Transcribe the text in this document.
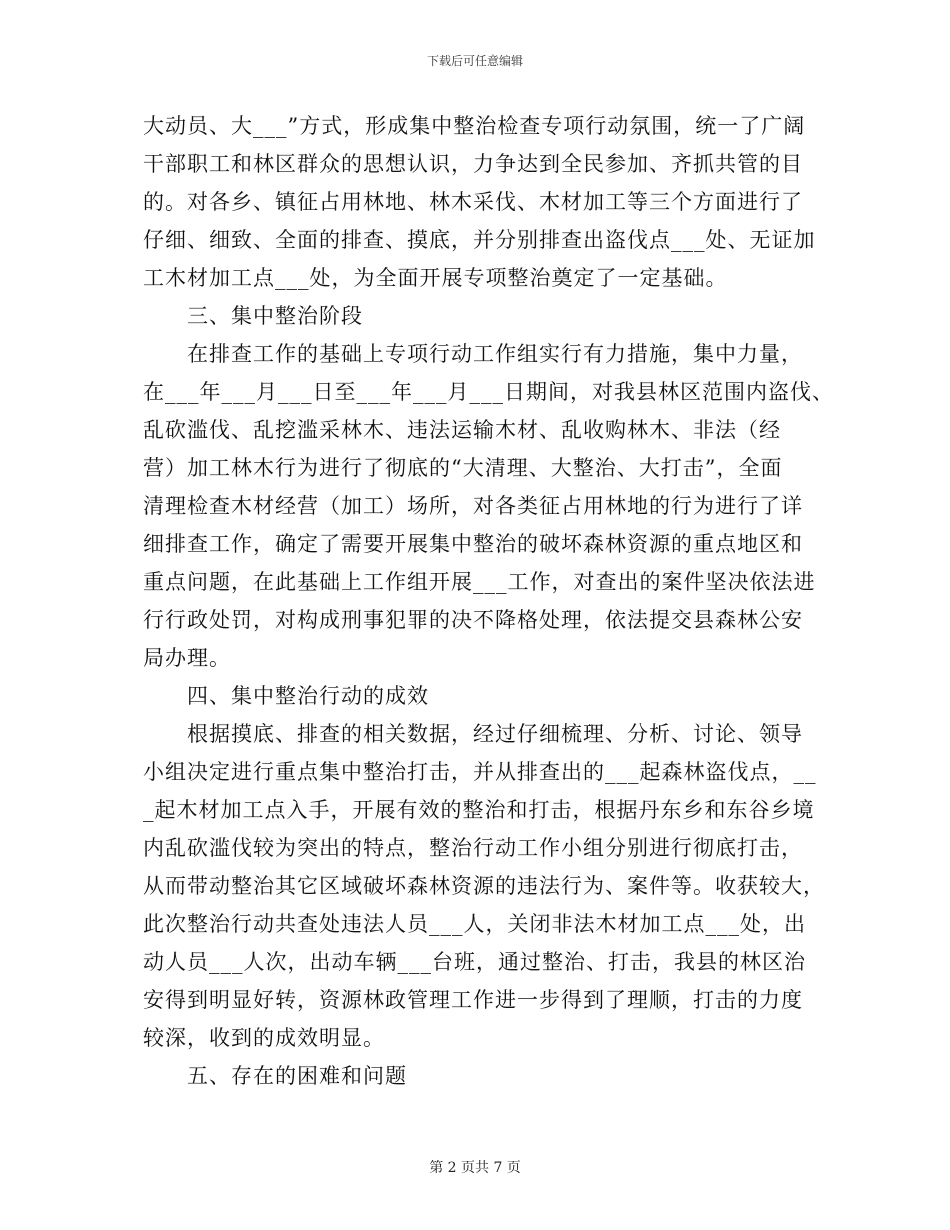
下载后可任意编辑
大动员、大___”方式，形成集中整治检查专项行动氛围，统一了广阔
干部职工和林区群众的思想认识，力争达到全民参加、齐抓共管的目
的。对各乡、镇征占用林地、林木采伐、木材加工等三个方面进行了
仔细、细致、全面的排查、摸底，并分别排查出盗伐点___处、无证加
工木材加工点___处，为全面开展专项整治奠定了一定基础。
三、集中整治阶段
在排查工作的基础上专项行动工作组实行有力措施，集中力量，
在___年___月___日至___年___月___日期间，对我县林区范围内盗伐、
乱砍滥伐、乱挖滥采林木、违法运输木材、乱收购林木、非法（经
营）加工林木行为进行了彻底的“大清理、大整治、大打击”，全面
清理检查木材经营（加工）场所，对各类征占用林地的行为进行了详
细排查工作，确定了需要开展集中整治的破坏森林资源的重点地区和
重点问题，在此基础上工作组开展___工作，对查出的案件坚决依法进
行行政处罚，对构成刑事犯罪的决不降格处理，依法提交县森林公安
局办理。
四、集中整治行动的成效
根据摸底、排查的相关数据，经过仔细梳理、分析、讨论、领导
小组决定进行重点集中整治打击，并从排查出的___起森林盗伐点，__
_起木材加工点入手，开展有效的整治和打击，根据丹东乡和东谷乡境
内乱砍滥伐较为突出的特点，整治行动工作小组分别进行彻底打击，
从而带动整治其它区域破坏森林资源的违法行为、案件等。收获较大，
此次整治行动共查处违法人员___人，关闭非法木材加工点___处，出
动人员___人次，出动车辆___台班，通过整治、打击，我县的林区治
安得到明显好转，资源林政管理工作进一步得到了理顺，打击的力度
较深，收到的成效明显。
五、存在的困难和问题
第 2 页共 7 页
